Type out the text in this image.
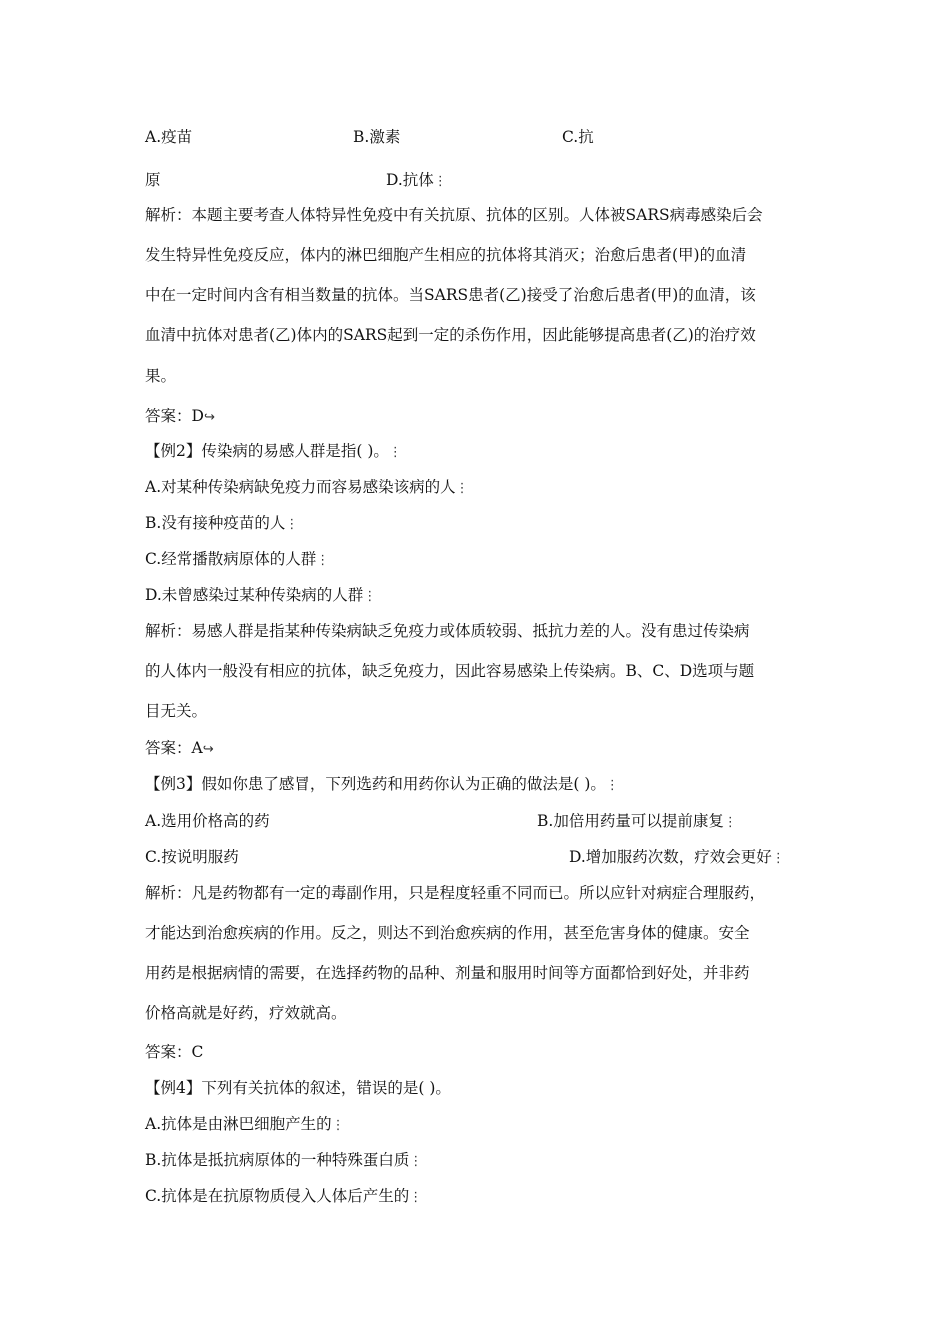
A.疫苗	B.激素	C.抗
原	D.抗体⋮
解析：本题主要考查人体特异性免疫中有关抗原、抗体的区别。人体被SARS病毒感染后会
发生特异性免疫反应，体内的淋巴细胞产生相应的抗体将其消灭；治愈后患者(甲)的血清
中在一定时间内含有相当数量的抗体。当SARS患者(乙)接受了治愈后患者(甲)的血清，该
血清中抗体对患者(乙)体内的SARS起到一定的杀伤作用，因此能够提高患者(乙)的治疗效
果。
答案：D↪
【例2】传染病的易感人群是指( )。⋮
A.对某种传染病缺免疫力而容易感染该病的人⋮
B.没有接种疫苗的人⋮
C.经常播散病原体的人群⋮
D.未曾感染过某种传染病的人群⋮
解析：易感人群是指某种传染病缺乏免疫力或体质较弱、抵抗力差的人。没有患过传染病
的人体内一般没有相应的抗体，缺乏免疫力，因此容易感染上传染病。B、C、D选项与题
目无关。
答案：A↪
【例3】假如你患了感冒，下列选药和用药你认为正确的做法是( )。⋮
A.选用价格高的药	B.加倍用药量可以提前康复⋮
C.按说明服药	D.增加服药次数，疗效会更好⋮
解析：凡是药物都有一定的毒副作用，只是程度轻重不同而已。所以应针对病症合理服药，
才能达到治愈疾病的作用。反之，则达不到治愈疾病的作用，甚至危害身体的健康。安全
用药是根据病情的需要，在选择药物的品种、剂量和服用时间等方面都恰到好处，并非药
价格高就是好药，疗效就高。
答案：C
【例4】下列有关抗体的叙述，错误的是( )。
A.抗体是由淋巴细胞产生的⋮
B.抗体是抵抗病原体的一种特殊蛋白质⋮
C.抗体是在抗原物质侵入人体后产生的⋮
